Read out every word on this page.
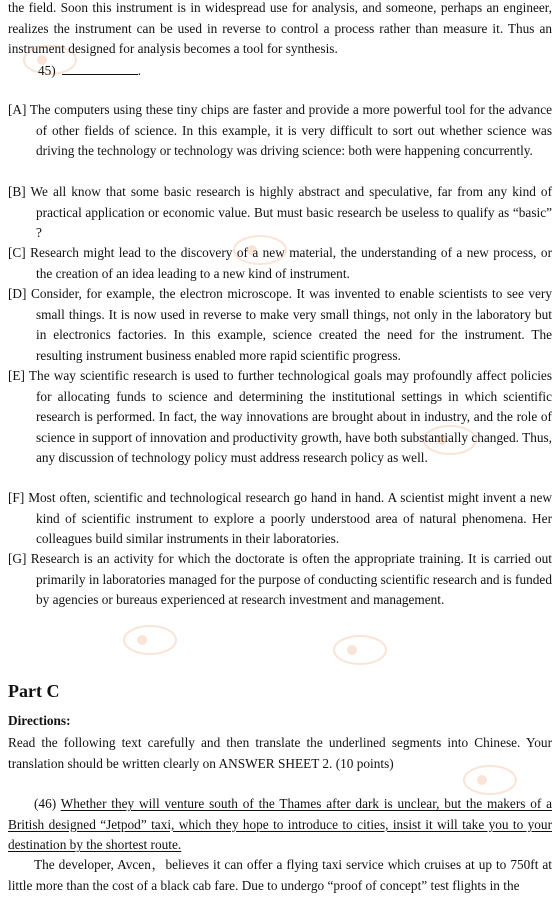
the field. Soon this instrument is in widespread use for analysis, and someone, perhaps an engineer, realizes the instrument can be used in reverse to control a process rather than measure it. Thus an instrument designed for analysis becomes a tool for synthesis.
45)	.
[A] The computers using these tiny chips are faster and provide a more powerful tool for the advance of other fields of science. In this example, it is very difficult to sort out whether science was driving the technology or technology was driving science: both were happening concurrently.
[B] We all know that some basic research is highly abstract and speculative, far from any kind of practical application or economic value. But must basic research be useless to qualify as “basic” ?
[C] Research might lead to the discovery of a new material, the understanding of a new process, or the creation of an idea leading to a new kind of instrument.
[D] Consider, for example, the electron microscope. It was invented to enable scientists to see very small things. It is now used in reverse to make very small things, not only in the laboratory but in electronics factories. In this example, science created the need for the instrument. The resulting instrument business enabled more rapid scientific progress.
[E] The way scientific research is used to further technological goals may profoundly affect policies for allocating funds to science and determining the institutional settings in which scientific research is performed. In fact, the way innovations are brought about in industry, and the role of science in support of innovation and productivity growth, have both substantially changed. Thus, any discussion of technology policy must address research policy as well.
[F] Most often, scientific and technological research go hand in hand. A scientist might invent a new kind of scientific instrument to explore a poorly understood area of natural phenomena. Her colleagues build similar instruments in their laboratories.
[G] Research is an activity for which the doctorate is often the appropriate training. It is carried out primarily in laboratories managed for the purpose of conducting scientific research and is funded by agencies or bureaus experienced at research investment and management.
Part C
Directions:
Read the following text carefully and then translate the underlined segments into Chinese. Your translation should be written clearly on ANSWER SHEET 2. (10 points)
(46) Whether they will venture south of the Thames after dark is unclear, but the makers of a British designed “Jetpod” taxi, which they hope to introduce to cities, insist it will take you to your destination by the shortest route.
The developer, Avcen，believes it can offer a flying taxi service which cruises at up to 750ft at little more than the cost of a black cab fare. Due to undergo “proof of concept” test flights in the
